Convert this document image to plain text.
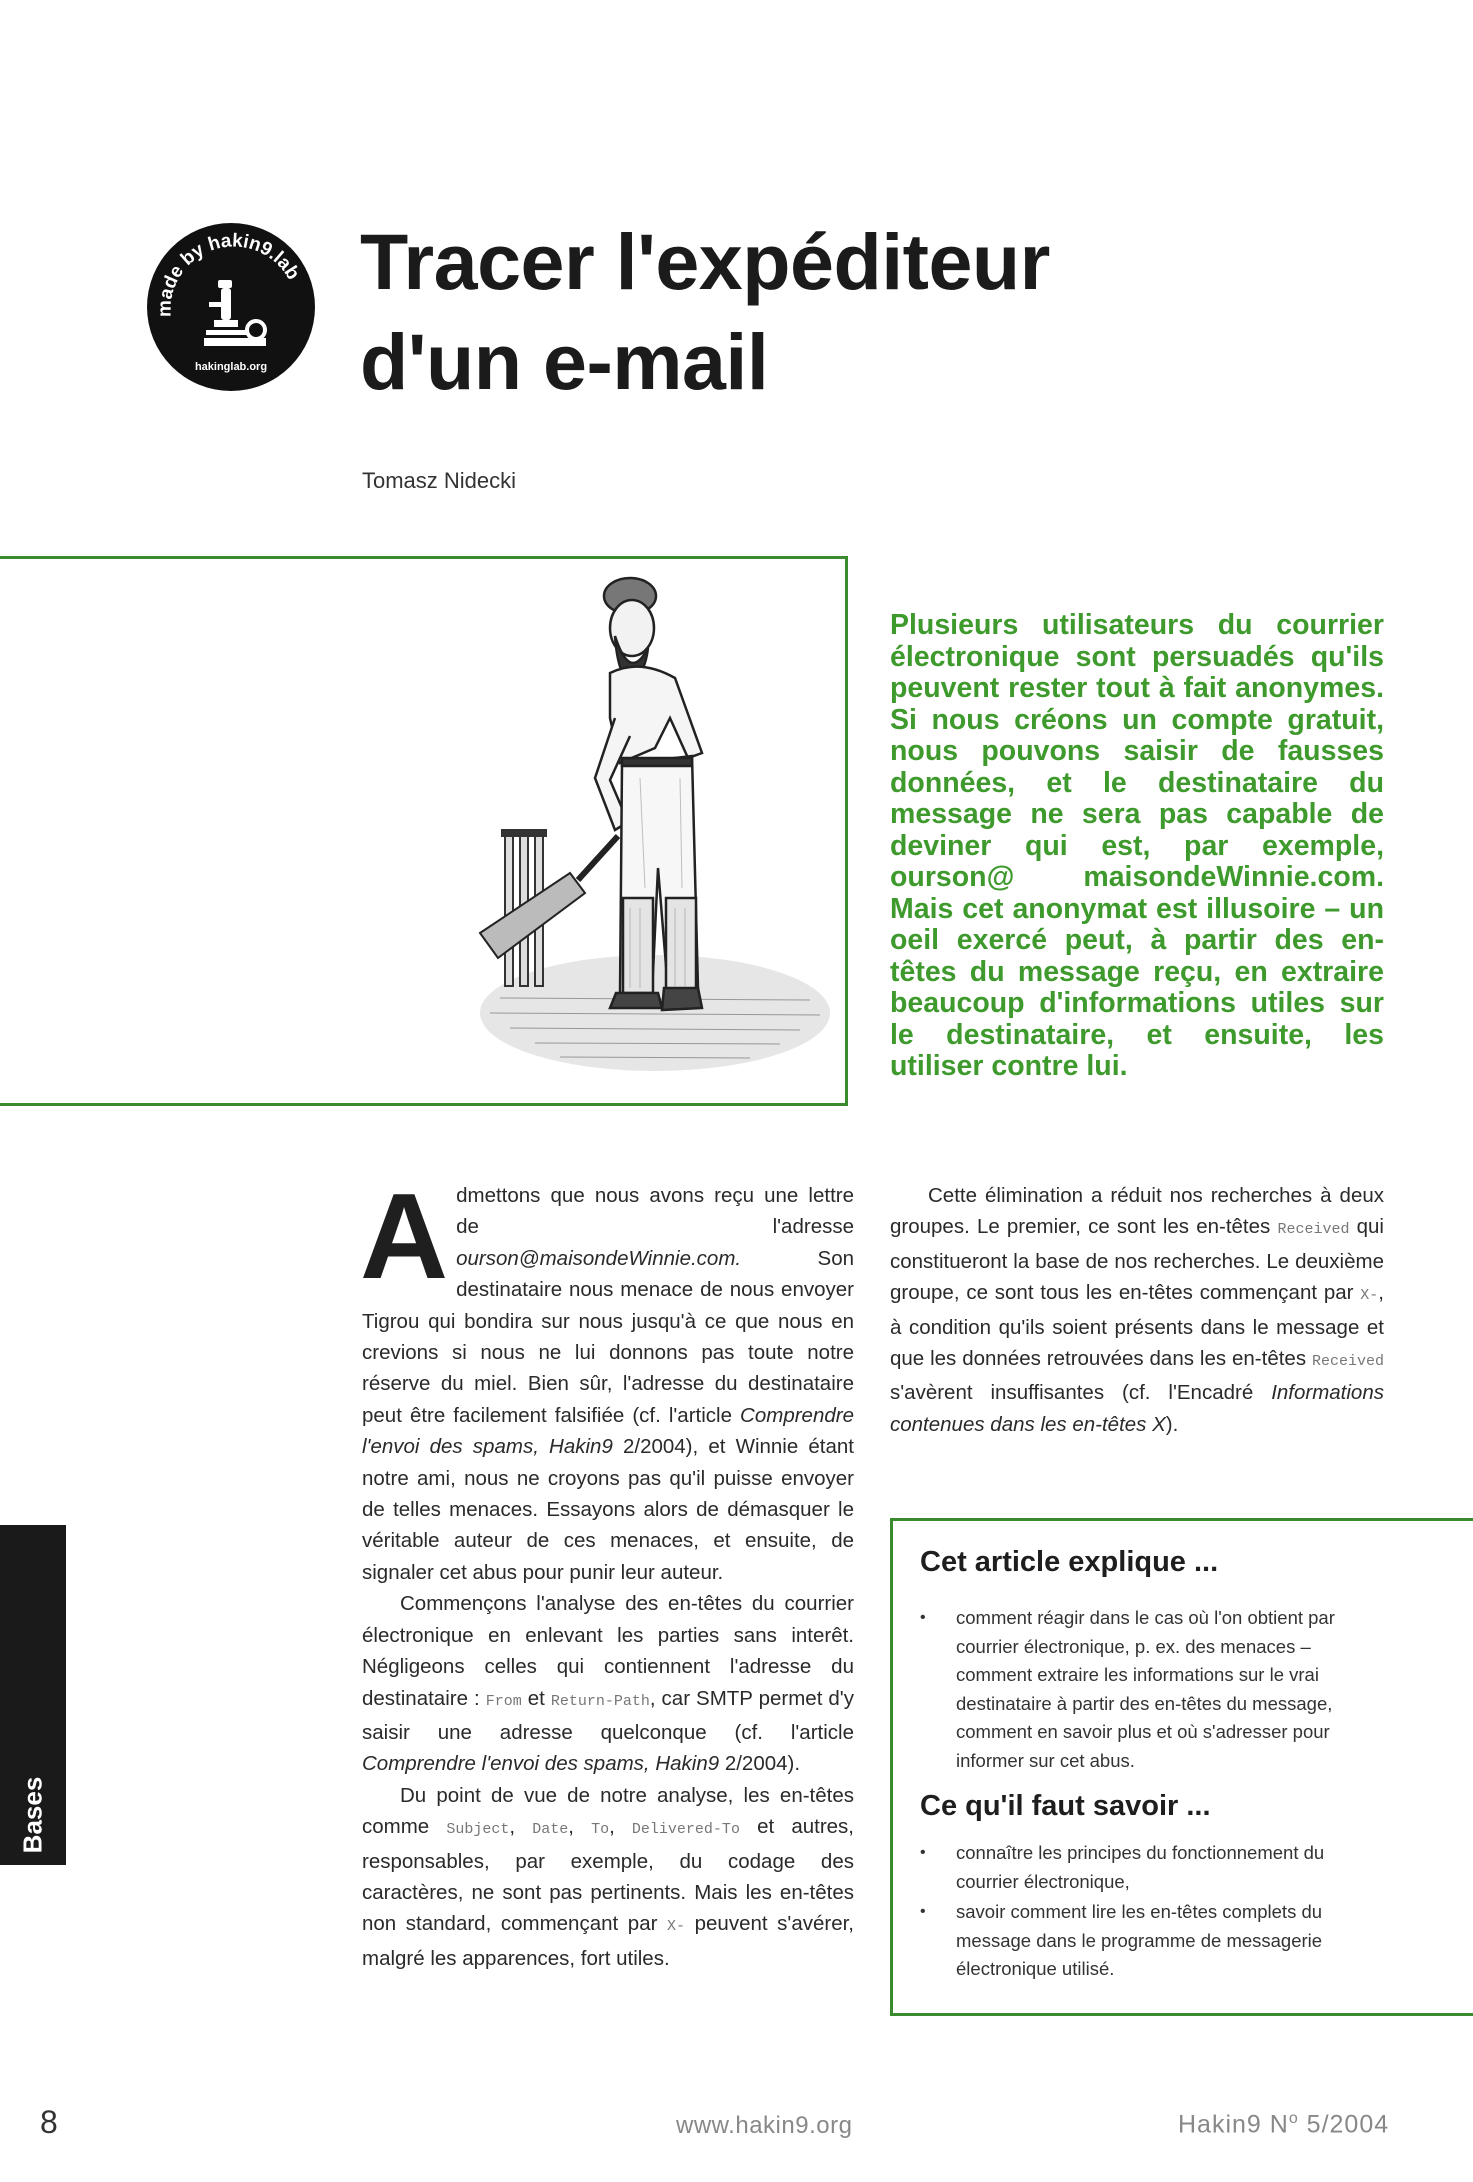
made by hakin9.lab
hakinglab.org
Tracer l'expéditeur
d'un e-mail
Tomasz Nidecki

Plusieurs utilisateurs du courrier électronique sont persuadés qu'ils peuvent rester tout à fait anonymes. Si nous créons un compte gratuit, nous pouvons saisir de fausses données, et le destinataire du message ne sera pas capable de deviner qui est, par exemple, ourson@ maisondeWinnie.com. Mais cet anonymat est illusoire – un oeil exercé peut, à partir des en-têtes du message reçu, en extraire beaucoup d'informations utiles sur le destinataire, et ensuite, les utiliser contre lui.

Admettons que nous avons reçu une lettre de l'adresse ourson@maisondeWinnie.com. Son destinataire nous menace de nous envoyer Tigrou qui bondira sur nous jusqu'à ce que nous en crevions si nous ne lui donnons pas toute notre réserve du miel. Bien sûr, l'adresse du destinataire peut être facilement falsifiée (cf. l'article Comprendre l'envoi des spams, Hakin9 2/2004), et Winnie étant notre ami, nous ne croyons pas qu'il puisse envoyer de telles menaces. Essayons alors de démasquer le véritable auteur de ces menaces, et ensuite, de signaler cet abus pour punir leur auteur.

Commençons l'analyse des en-têtes du courrier électronique en enlevant les parties sans interêt. Négligeons celles qui contiennent l'adresse du destinataire : From et Return-Path, car SMTP permet d'y saisir une adresse quelconque (cf. l'article Comprendre l'envoi des spams, Hakin9 2/2004).

Du point de vue de notre analyse, les en-têtes comme Subject, Date, To, Delivered-To et autres, responsables, par exemple, du codage des caractères, ne sont pas pertinents. Mais les en-têtes non standard, commençant par X- peuvent s'avérer, malgré les apparences, fort utiles.

Cette élimination a réduit nos recherches à deux groupes. Le premier, ce sont les en-têtes Received qui constitueront la base de nos recherches. Le deuxième groupe, ce sont tous les en-têtes commençant par X-, à condition qu'ils soient présents dans le message et que les données retrouvées dans les en-têtes Received s'avèrent insuffisantes (cf. l'Encadré Informations contenues dans les en-têtes X).

Cet article explique ...
• comment réagir dans le cas où l'on obtient par courrier électronique, p. ex. des menaces – comment extraire les informations sur le vrai destinataire à partir des en-têtes du message, comment en savoir plus et où s'adresser pour informer sur cet abus.
Ce qu'il faut savoir ...
• connaître les principes du fonctionnement du courrier électronique,
• savoir comment lire les en-têtes complets du message dans le programme de messagerie électronique utilisé.
Bases
8	www.hakin9.org	Hakin9 $N^o$ 5/2004
